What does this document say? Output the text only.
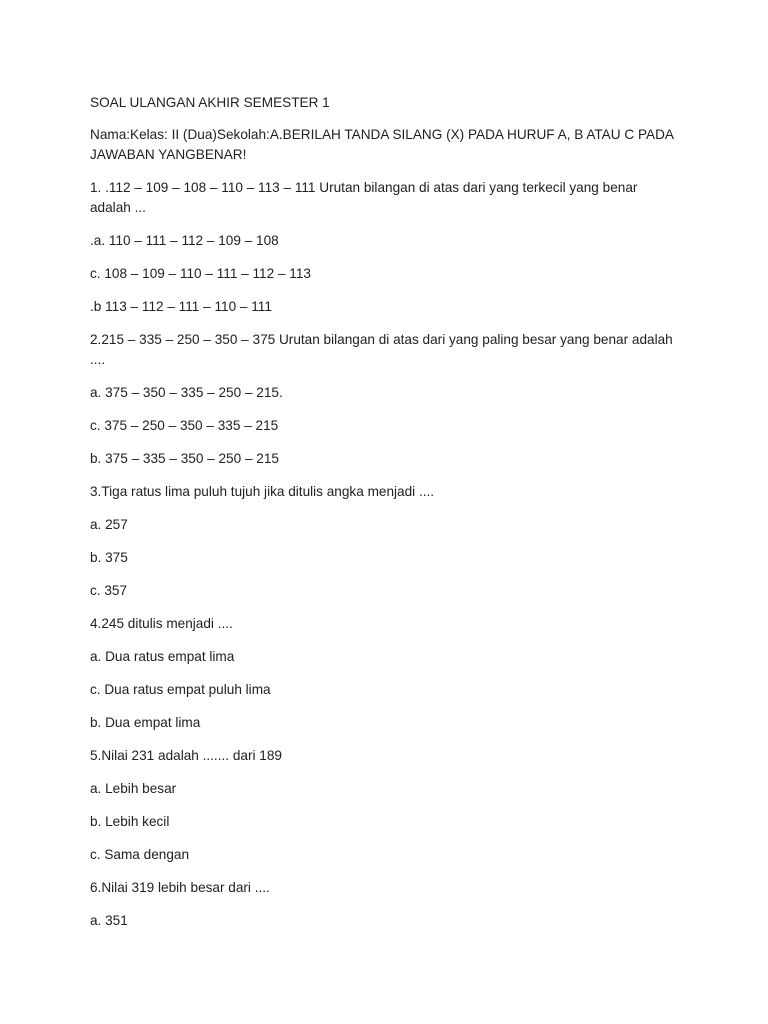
SOAL ULANGAN AKHIR SEMESTER 1

Nama:Kelas: II (Dua)Sekolah:A.BERILAH TANDA SILANG (X) PADA HURUF A, B ATAU C PADA JAWABAN YANGBENAR!

1. .112 – 109 – 108 – 110 – 113 – 111 Urutan bilangan di atas dari yang terkecil yang benar adalah ...

.a. 110 – 111 – 112 – 109 – 108

c. 108 – 109 – 110 – 111 – 112 – 113

.b 113 – 112 – 111 – 110 – 111

2.215 – 335 – 250 – 350 – 375 Urutan bilangan di atas dari yang paling besar yang benar adalah ....

a. 375 – 350 – 335 – 250 – 215.

c. 375 – 250 – 350 – 335 – 215

b. 375 – 335 – 350 – 250 – 215

3.Tiga ratus lima puluh tujuh jika ditulis angka menjadi ....

a. 257

b. 375

c. 357

4.245 ditulis menjadi ....

a. Dua ratus empat lima

c. Dua ratus empat puluh lima

b. Dua empat lima

5.Nilai 231 adalah ....... dari 189

a. Lebih besar

b. Lebih kecil

c. Sama dengan

6.Nilai 319 lebih besar dari ....

a. 351
